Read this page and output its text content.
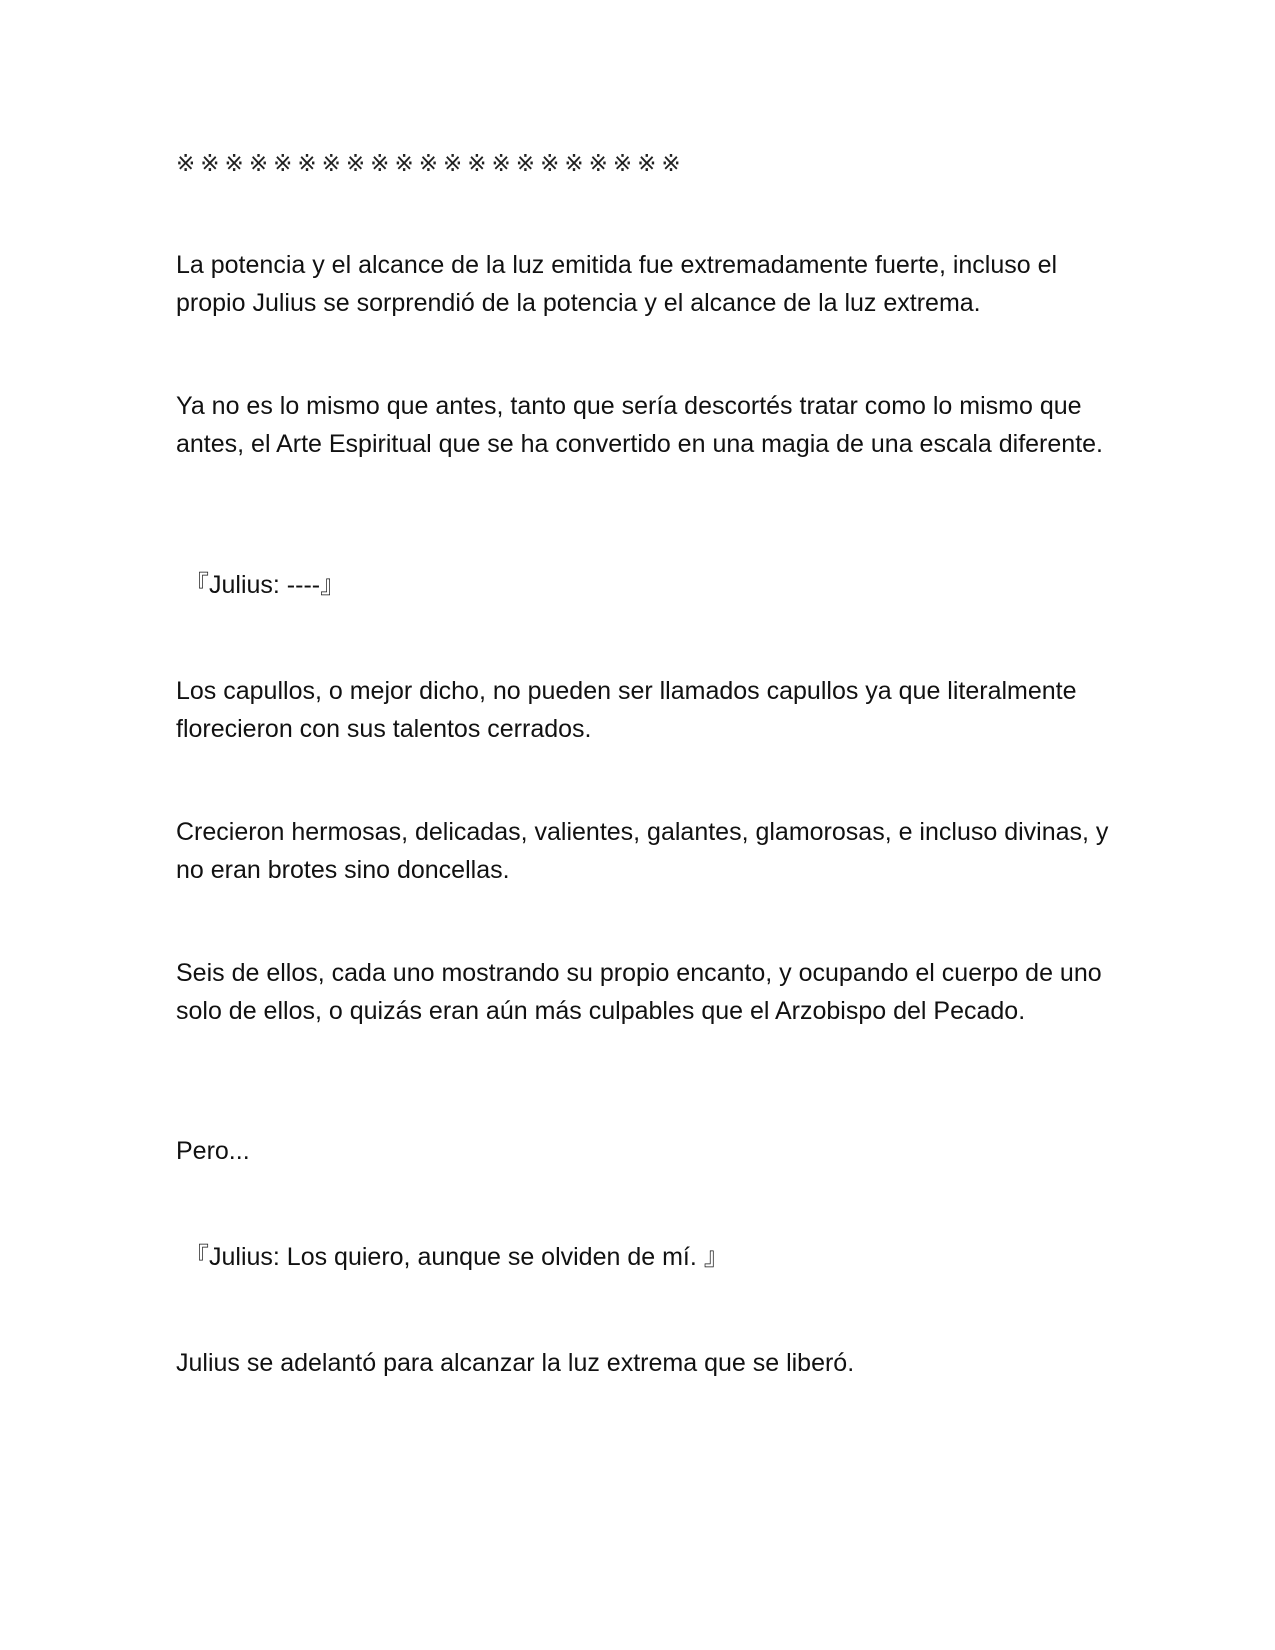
※※※※※※※※※※※※※※※※※※※※※

La potencia y el alcance de la luz emitida fue extremadamente fuerte, incluso el propio Julius se sorprendió de la potencia y el alcance de la luz extrema.

Ya no es lo mismo que antes, tanto que sería descortés tratar como lo mismo que antes, el Arte Espiritual que se ha convertido en una magia de una escala diferente.

『Julius: ----』

Los capullos, o mejor dicho, no pueden ser llamados capullos ya que literalmente florecieron con sus talentos cerrados.

Crecieron hermosas, delicadas, valientes, galantes, glamorosas, e incluso divinas, y no eran brotes sino doncellas.

Seis de ellos, cada uno mostrando su propio encanto, y ocupando el cuerpo de uno solo de ellos, o quizás eran aún más culpables que el Arzobispo del Pecado.

Pero...

『Julius: Los quiero, aunque se olviden de mí. 』

Julius se adelantó para alcanzar la luz extrema que se liberó.
